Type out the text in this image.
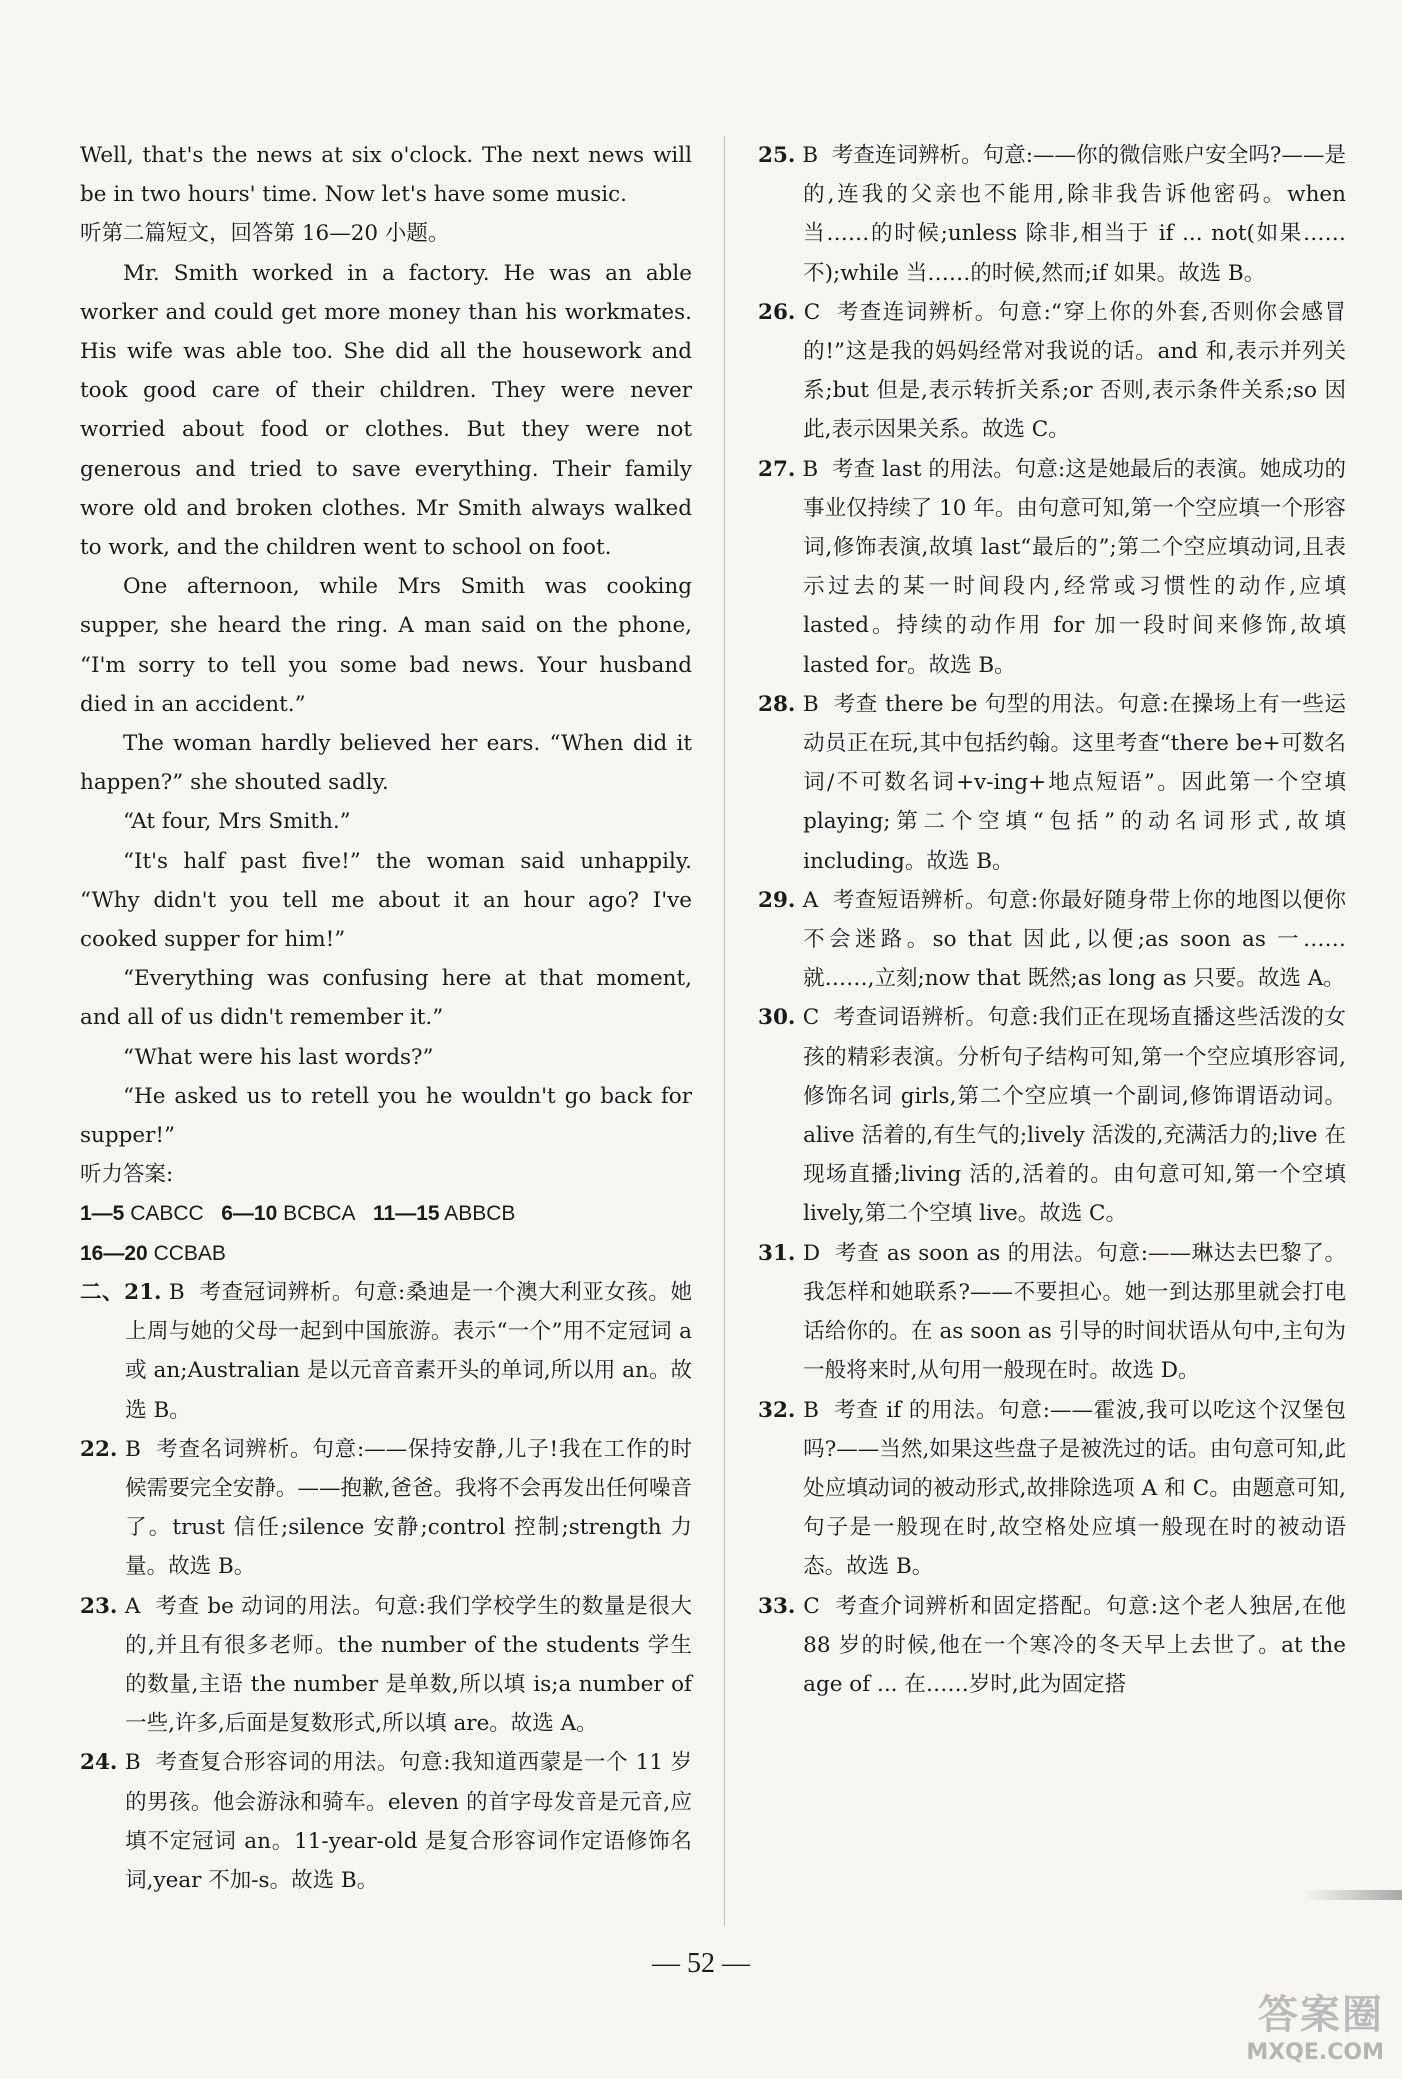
Well, that's the news at six o'clock. The next news will be in two hours' time. Now let's have some music.

听第二篇短文，回答第 16—20 小题。

Mr. Smith worked in a factory. He was an able worker and could get more money than his workmates. His wife was able too. She did all the housework and took good care of their children. They were never worried about food or clothes. But they were not generous and tried to save everything. Their family wore old and broken clothes. Mr Smith always walked to work, and the children went to school on foot.

One afternoon, while Mrs Smith was cooking supper, she heard the ring. A man said on the phone, “I'm sorry to tell you some bad news. Your husband died in an accident.”

The woman hardly believed her ears. “When did it happen?” she shouted sadly.

“At four, Mrs Smith.”

“It's half past five!” the woman said unhappily. “Why didn't you tell me about it an hour ago? I've cooked supper for him!”

“Everything was confusing here at that moment, and all of us didn't remember it.”

“What were his last words?”

“He asked us to retell you he wouldn't go back for supper!”

听力答案:

1—5 CABCC 6—10 BCBCA 11—15 ABBCB

16—20 CCBAB

二、21. B 考查冠词辨析。句意:桑迪是一个澳大利亚女孩。她上周与她的父母一起到中国旅游。表示“一个”用不定冠词 a 或 an;Australian 是以元音音素开头的单词,所以用 an。故选 B。

22. B 考查名词辨析。句意:——保持安静,儿子!我在工作的时候需要完全安静。——抱歉,爸爸。我将不会再发出任何噪音了。trust 信任;silence 安静;control 控制;strength 力量。故选 B。

23. A 考查 be 动词的用法。句意:我们学校学生的数量是很大的,并且有很多老师。the number of the students 学生的数量,主语 the number 是单数,所以填 is;a number of 一些,许多,后面是复数形式,所以填 are。故选 A。

24. B 考查复合形容词的用法。句意:我知道西蒙是一个 11 岁的男孩。他会游泳和骑车。eleven 的首字母发音是元音,应填不定冠词 an。11-year-old 是复合形容词作定语修饰名词,year 不加-s。故选 B。

25. B 考查连词辨析。句意:——你的微信账户安全吗?——是的,连我的父亲也不能用,除非我告诉他密码。when 当……的时候;unless 除非,相当于 if ... not(如果……不);while 当……的时候,然而;if 如果。故选 B。

26. C 考查连词辨析。句意:“穿上你的外套,否则你会感冒的!”这是我的妈妈经常对我说的话。and 和,表示并列关系;but 但是,表示转折关系;or 否则,表示条件关系;so 因此,表示因果关系。故选 C。

27. B 考查 last 的用法。句意:这是她最后的表演。她成功的事业仅持续了 10 年。由句意可知,第一个空应填一个形容词,修饰表演,故填 last“最后的”;第二个空应填动词,且表示过去的某一时间段内,经常或习惯性的动作,应填 lasted。持续的动作用 for 加一段时间来修饰,故填 lasted for。故选 B。

28. B 考查 there be 句型的用法。句意:在操场上有一些运动员正在玩,其中包括约翰。这里考查“there be+可数名词/不可数名词+v-ing+地点短语”。因此第一个空填 playing;第二个空填“包括”的动名词形式,故填 including。故选 B。

29. A 考查短语辨析。句意:你最好随身带上你的地图以便你不会迷路。so that 因此,以便;as soon as 一……就……,立刻;now that 既然;as long as 只要。故选 A。

30. C 考查词语辨析。句意:我们正在现场直播这些活泼的女孩的精彩表演。分析句子结构可知,第一个空应填形容词,修饰名词 girls,第二个空应填一个副词,修饰谓语动词。alive 活着的,有生气的;lively 活泼的,充满活力的;live 在现场直播;living 活的,活着的。由句意可知,第一个空填 lively,第二个空填 live。故选 C。

31. D 考查 as soon as 的用法。句意:——琳达去巴黎了。我怎样和她联系?——不要担心。她一到达那里就会打电话给你的。在 as soon as 引导的时间状语从句中,主句为一般将来时,从句用一般现在时。故选 D。

32. B 考查 if 的用法。句意:——霍波,我可以吃这个汉堡包吗?——当然,如果这些盘子是被洗过的话。由句意可知,此处应填动词的被动形式,故排除选项 A 和 C。由题意可知,句子是一般现在时,故空格处应填一般现在时的被动语态。故选 B。

33. C 考查介词辨析和固定搭配。句意:这个老人独居,在他 88 岁的时候,他在一个寒冷的冬天早上去世了。at the age of ... 在……岁时,此为固定搭

— 52 —
答案圈
MXQE.COM
